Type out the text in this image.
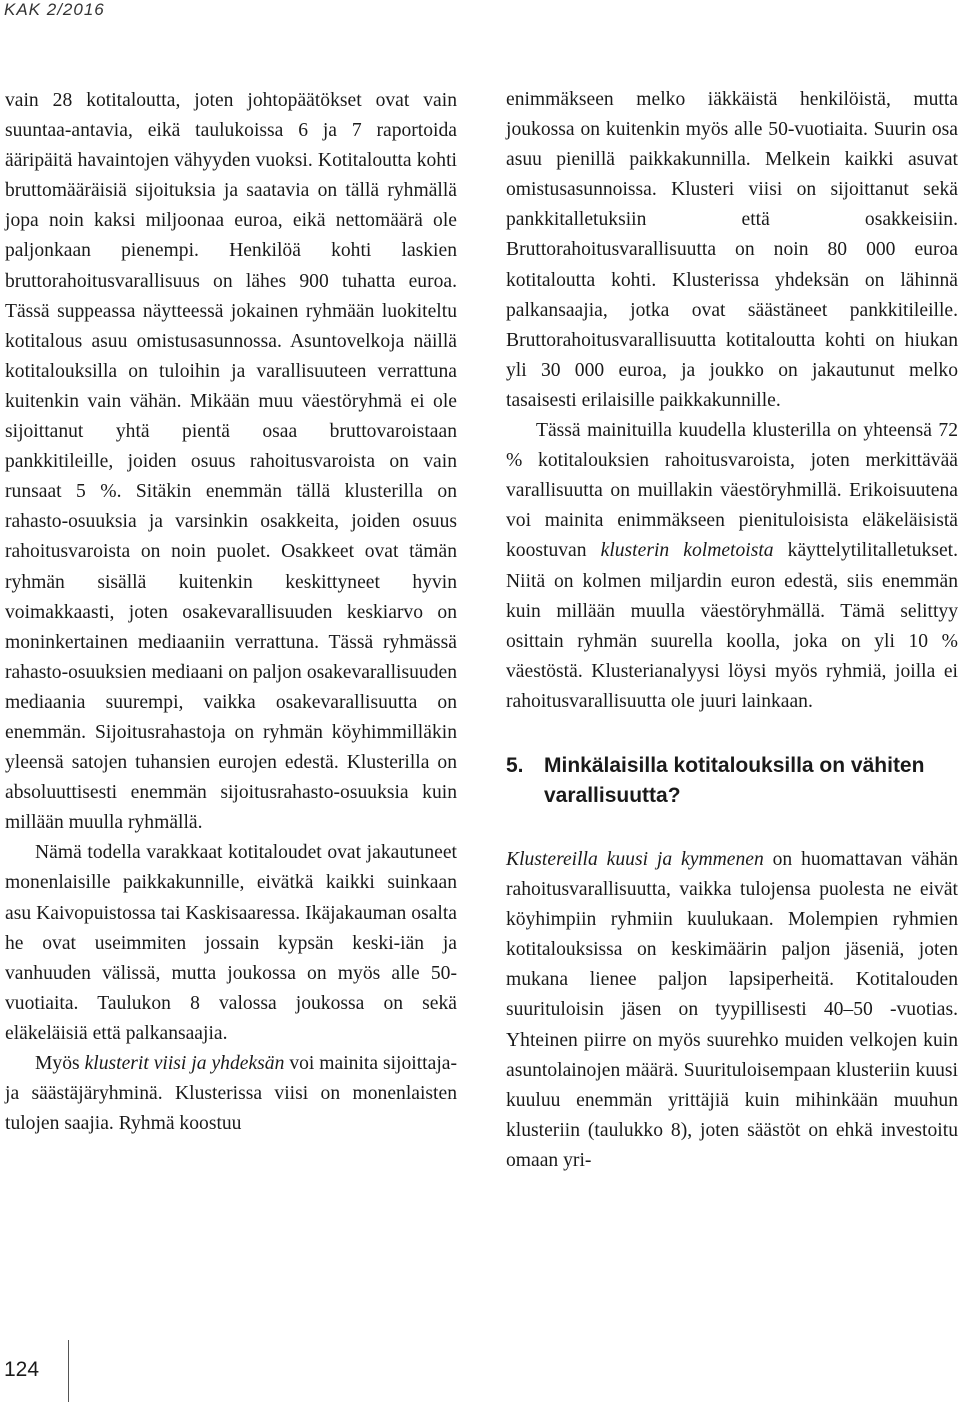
KAK 2/2016

vain 28 kotitaloutta, joten johtopäätökset ovat vain suuntaa-antavia, eikä taulukoissa 6 ja 7 raportoida ääripäitä havaintojen vähyyden vuoksi. Kotitaloutta kohti bruttomääräisiä sijoituksia ja saatavia on tällä ryhmällä jopa noin kaksi miljoonaa euroa, eikä nettomäärä ole paljonkaan pienempi. Henkilöä kohti laskien bruttorahoitusvarallisuus on lähes 900 tuhatta euroa. Tässä suppeassa näytteessä jokainen ryhmään luokiteltu kotitalous asuu omistusasunnossa. Asuntovelkoja näillä kotitalouksilla on tuloihin ja varallisuuteen verrattuna kuitenkin vain vähän. Mikään muu väestöryhmä ei ole sijoittanut yhtä pientä osaa bruttovaroistaan pankkitileille, joiden osuus rahoitusvaroista on vain runsaat 5 %. Sitäkin enemmän tällä klusterilla on rahasto-osuuksia ja varsinkin osakkeita, joiden osuus rahoitusvaroista on noin puolet. Osakkeet ovat tämän ryhmän sisällä kuitenkin keskittyneet hyvin voimakkaasti, joten osakevarallisuuden keskiarvo on moninkertainen mediaaniin verrattuna. Tässä ryhmässä rahasto-osuuksien mediaani on paljon osakevarallisuuden mediaania suurempi, vaikka osakevarallisuutta on enemmän. Sijoitusrahastoja on ryhmän köyhimmilläkin yleensä satojen tuhansien eurojen edestä. Klusterilla on absoluuttisesti enemmän sijoitusrahasto-osuuksia kuin millään muulla ryhmällä.

Nämä todella varakkaat kotitaloudet ovat jakautuneet monenlaisille paikkakunnille, eivätkä kaikki suinkaan asu Kaivopuistossa tai Kaskisaaressa. Ikäjakauman osalta he ovat useimmiten jossain kypsän keski-iän ja vanhuuden välissä, mutta joukossa on myös alle 50-vuotiaita. Taulukon 8 valossa joukossa on sekä eläkeläisiä että palkansaajia.

Myös klusterit viisi ja yhdeksän voi mainita sijoittaja- ja säästäjäryhminä. Klusterissa viisi on monenlaisten tulojen saajia. Ryhmä koostuu

enimmäkseen melko iäkkäistä henkilöistä, mutta joukossa on kuitenkin myös alle 50-vuotiaita. Suurin osa asuu pienillä paikkakunnilla. Melkein kaikki asuvat omistusasunnoissa. Klusteri viisi on sijoittanut sekä pankkitalletuksiin että osakkeisiin. Bruttorahoitusvarallisuutta on noin 80 000 euroa kotitaloutta kohti. Klusterissa yhdeksän on lähinnä palkansaajia, jotka ovat säästäneet pankkitileille. Bruttorahoitusvarallisuutta kotitaloutta kohti on hiukan yli 30 000 euroa, ja joukko on jakautunut melko tasaisesti erilaisille paikkakunnille.

Tässä mainituilla kuudella klusterilla on yhteensä 72 % kotitalouksien rahoitusvaroista, joten merkittävää varallisuutta on muillakin väestöryhmillä. Erikoisuutena voi mainita enimmäkseen pienituloisista eläkeläisistä koostuvan klusterin kolmetoista käyttelytilitalletukset. Niitä on kolmen miljardin euron edestä, siis enemmän kuin millään muulla väestöryhmällä. Tämä selittyy osittain ryhmän suurella koolla, joka on yli 10 % väestöstä. Klusterianalyysi löysi myös ryhmiä, joilla ei rahoitusvarallisuutta ole juuri lainkaan.

5. Minkälaisilla kotitalouksilla on vähiten varallisuutta?

Klustereilla kuusi ja kymmenen on huomattavan vähän rahoitusvarallisuutta, vaikka tulojensa puolesta ne eivät köyhimpiin ryhmiin kuulukaan. Molempien ryhmien kotitalouksissa on keskimäärin paljon jäseniä, joten mukana lienee paljon lapsiperheitä. Kotitalouden suurituloisin jäsen on tyypillisesti 40–50 -vuotias. Yhteinen piirre on myös suurehko muiden velkojen kuin asuntolainojen määrä. Suurituloisempaan klusteriin kuusi kuuluu enemmän yrittäjiä kuin mihinkään muuhun klusteriin (taulukko 8), joten säästöt on ehkä investoitu omaan yri-

124
